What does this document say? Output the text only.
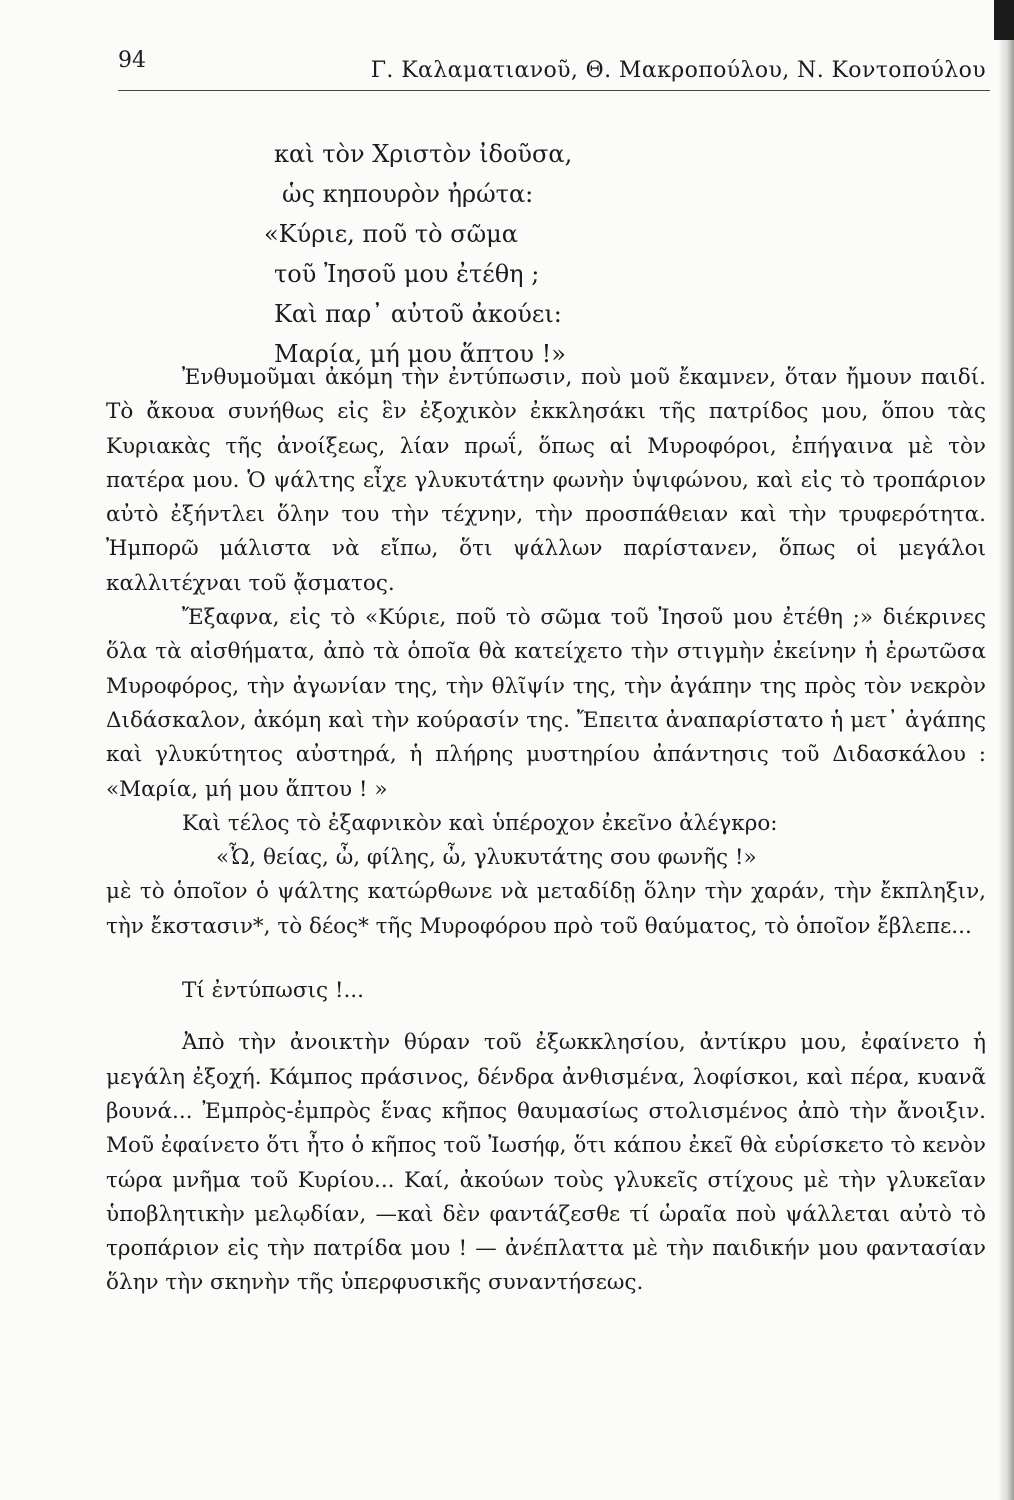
94	Γ. Καλαματιανοῦ, Θ. Μακροπούλου, Ν. Κοντοπούλου
καὶ τὸν Χριστὸν ἰδοῦσα,
ὡς κηπουρὸν ἠρώτα:
«Κύριε, ποῦ τὸ σῶμα
τοῦ Ἰησοῦ μου ἐτέθη ;
Καὶ παρ᾽ αὐτοῦ ἀκούει:
Μαρία, μή μου ἅπτου !»

Ἐνθυμοῦμαι ἀκόμη τὴν ἐντύπωσιν, ποὺ μοῦ ἔκαμνεν, ὅταν ἤμουν παιδί. Τὸ ἄκουα συνήθως εἰς ἓν ἐξοχικὸν ἐκκλησάκι τῆς πατρίδος μου, ὅπου τὰς Κυριακὰς τῆς ἀνοίξεως, λίαν πρωΐ, ὅπως αἱ Μυροφόροι, ἐπήγαινα μὲ τὸν πατέρα μου. Ὁ ψάλτης εἶχε γλυκυτάτην φωνὴν ὑψιφώνου, καὶ εἰς τὸ τροπάριον αὐτὸ ἐξήντλει ὅλην του τὴν τέχνην, τὴν προσπάθειαν καὶ τὴν τρυφερότητα. Ἠμπορῶ μάλιστα νὰ εἴπω, ὅτι ψάλλων παρίστανεν, ὅπως οἱ μεγάλοι καλλιτέχναι τοῦ ᾄσματος.

Ἔξαφνα, εἰς τὸ «Κύριε, ποῦ τὸ σῶμα τοῦ Ἰησοῦ μου ἐτέθη ;» διέκρινες ὅλα τὰ αἰσθήματα, ἀπὸ τὰ ὁποῖα θὰ κατείχετο τὴν στιγμὴν ἐκείνην ἡ ἐρωτῶσα Μυροφόρος, τὴν ἀγωνίαν της, τὴν θλῖψίν της, τὴν ἀγάπην της πρὸς τὸν νεκρὸν Διδάσκαλον, ἀκόμη καὶ τὴν κούρασίν της. Ἔπειτα ἀναπαρίστατο ἡ μετ᾽ ἀγάπης καὶ γλυκύτητος αὐστηρά, ἡ πλήρης μυστηρίου ἀπάντησις τοῦ Διδασκάλου : «Μαρία, μή μου ἅπτου ! »

Καὶ τέλος τὸ ἐξαφνικὸν καὶ ὑπέροχον ἐκεῖνο ἀλέγκρο:

«Ὦ, θείας, ὦ, φίλης, ὦ, γλυκυτάτης σου φωνῆς !»

μὲ τὸ ὁποῖον ὁ ψάλτης κατώρθωνε νὰ μεταδίδῃ ὅλην τὴν χαράν, τὴν ἔκπληξιν, τὴν ἔκστασιν*, τὸ δέος* τῆς Μυροφόρου πρὸ τοῦ θαύματος, τὸ ὁποῖον ἔβλεπε...

Τί ἐντύπωσις !...

Ἀπὸ τὴν ἀνοικτὴν θύραν τοῦ ἐξωκκλησίου, ἀντίκρυ μου, ἐφαίνετο ἡ μεγάλη ἐξοχή. Κάμπος πράσινος, δένδρα ἀνθισμένα, λοφίσκοι, καὶ πέρα, κυανᾶ βουνά... Ἐμπρὸς-ἐμπρὸς ἕνας κῆπος θαυμασίως στολισμένος ἀπὸ τὴν ἄνοιξιν. Μοῦ ἐφαίνετο ὅτι ἦτο ὁ κῆπος τοῦ Ἰωσήφ, ὅτι κάπου ἐκεῖ θὰ εὑρίσκετο τὸ κενὸν τώρα μνῆμα τοῦ Κυρίου... Καί, ἀκούων τοὺς γλυκεῖς στίχους μὲ τὴν γλυκεῖαν ὑποβλητικὴν μελῳδίαν, —καὶ δὲν φαντάζεσθε τί ὡραῖα ποὺ ψάλλεται αὐτὸ τὸ τροπάριον εἰς τὴν πατρίδα μου ! — ἀνέπλαττα μὲ τὴν παιδικήν μου φαντασίαν ὅλην τὴν σκηνὴν τῆς ὑπερφυσικῆς συναντήσεως.
